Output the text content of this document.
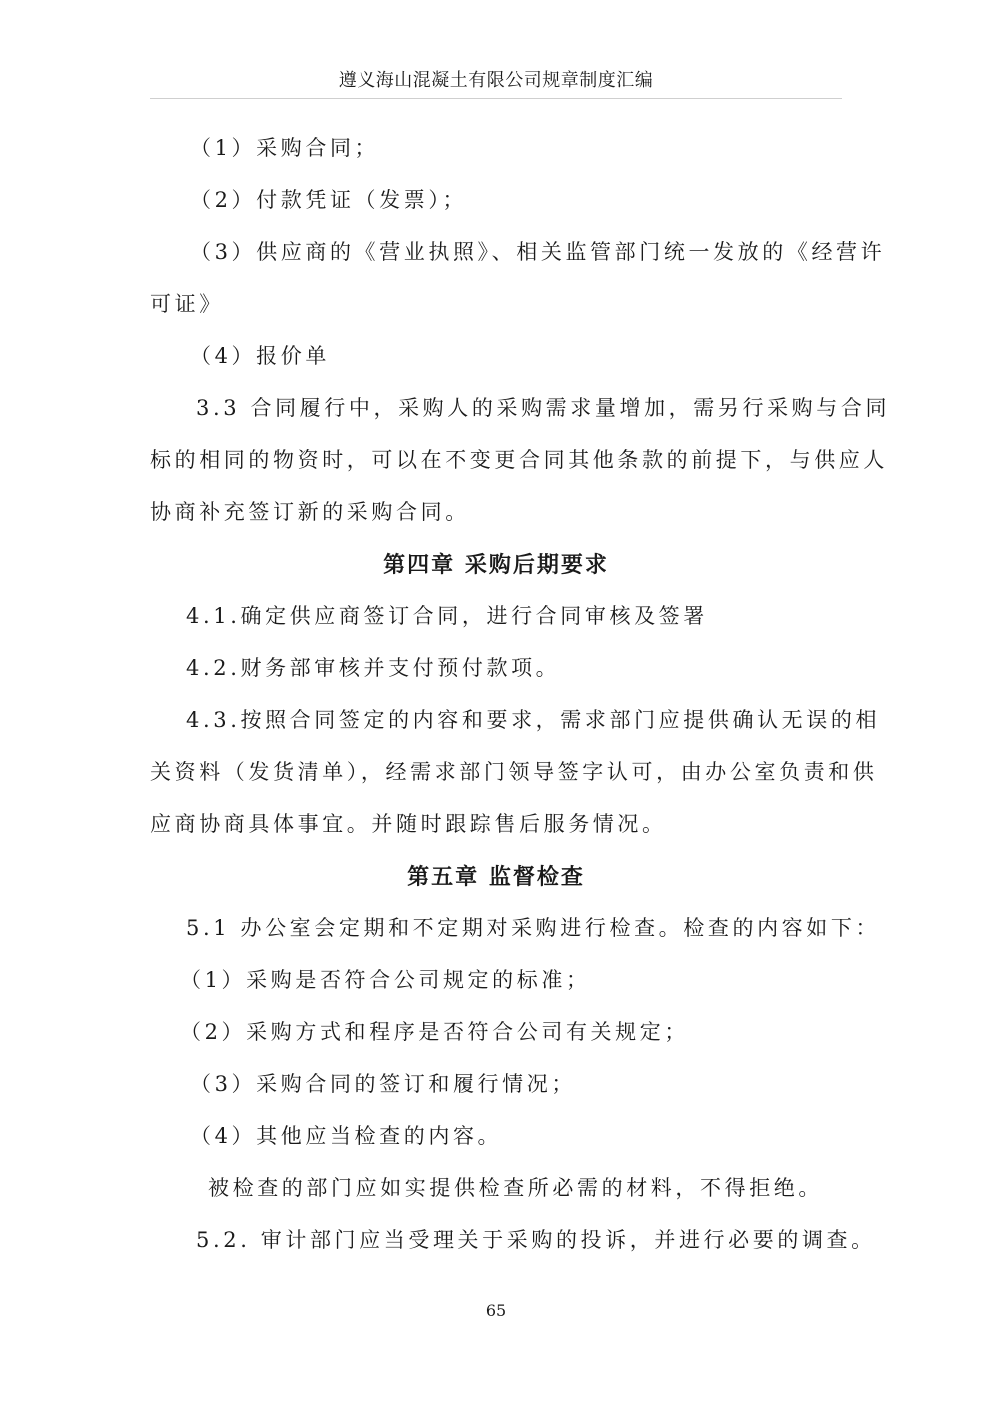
遵义海山混凝土有限公司规章制度汇编
（1）采购合同；
（2）付款凭证（发票）；
（3）供应商的《营业执照》、相关监管部门统一发放的《经营许
可证》
（4）报价单
3.3 合同履行中，采购人的采购需求量增加，需另行采购与合同
标的相同的物资时，可以在不变更合同其他条款的前提下，与供应人
协商补充签订新的采购合同。
第四章 采购后期要求
4.1.确定供应商签订合同，进行合同审核及签署
4.2.财务部审核并支付预付款项。
4.3.按照合同签定的内容和要求，需求部门应提供确认无误的相
关资料（发货清单），经需求部门领导签字认可，由办公室负责和供
应商协商具体事宜。并随时跟踪售后服务情况。
第五章 监督检查
5.1 办公室会定期和不定期对采购进行检查。检查的内容如下：
（1）采购是否符合公司规定的标准；
（2）采购方式和程序是否符合公司有关规定；
（3）采购合同的签订和履行情况；
（4）其他应当检查的内容。
被检查的部门应如实提供检查所必需的材料，不得拒绝。
5.2. 审计部门应当受理关于采购的投诉，并进行必要的调查。
65
